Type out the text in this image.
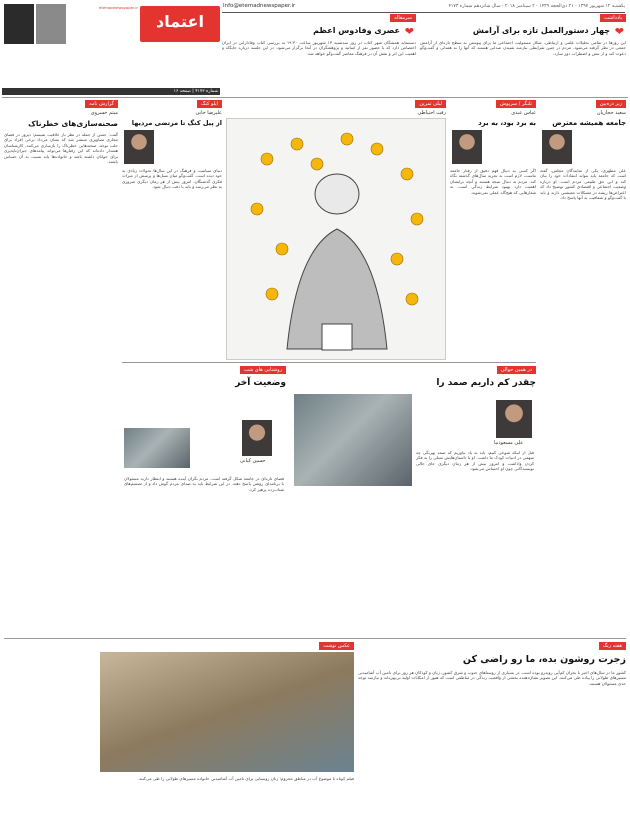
اعتماد
Info@etemadnewspaper.ir	یکشنبه ۱۲ شهریور ۱۳۹۷ - ۲۱ ذی‌الحجه ۱۴۳۹ - ۲ سپتامبر ۲۰۱۸ - سال شانزدهم شماره ۴۱۷۳

etemadnewspaper.ir

شماره ۴۱۷۳ | صفحه ۱۶
یادداشت
❤
چهار دستورالعمل تازه برای آرامش
این روزها در تمامی تحلیلات علمی و ارتباطی، شکل مسئولیت اجتماعی ما برای پیوستن به سطح تازه‌ای از آرامش جمعی در نظر گرفته می‌شود. مردم در چنین شرایطی نیازمند شنیدن صدایی هستند که آنها را به همدلی و گفت‌وگو دعوت کند و از تنش و اضطراب دور سازد.
سرمقاله
❤
عصری وفادوس اعظم
دستنمایه همشگان شهر کتاب در روز سه‌شنبه ۱۳ شهریور ساعت ۱۹:۳۰ به بررسی کتاب وفادارانی در ایران اختصاص دارد که با حضور نفر از اساتید و پژوهشگران در آنجا برگزار می‌شود. در این جلسه درباره جایگاه و اهمیت این اثر و نقش آن در فرهنگ معاصر گفت‌وگو خواهد شد.
زیر ذره‌بین
سعید حجاریان
جامعه همیشه معترض
علی مطهری، یکی از نمایندگان مجلس، گفته است که جامعه باید بتواند انتقادات خود را بیان کند و این حق طبیعی مردم است. او درباره وضعیت اجتماعی و اقتصادی کشور توضیح داد که اعتراض‌ها ریشه در مشکلات معیشتی دارند و باید با گفت‌وگو و شفافیت به آنها پاسخ داد.
تلنگر / سرپوش
عباس عبدی
به برد بود، به برد
اگر کسی به دنبال فهم دقیق از رفتار جامعه ماست، لازم است به تجربه سال‌های گذشته نگاه کند. مردم به دنبال نتیجه هستند و آنچه برایشان اهمیت دارد بهبود شرایط زندگی است، نه شعارهایی که هیچ‌گاه عملی نمی‌شوند.
لیلی ثمرین
رفت احتیاطی
ایلو کنگ
علیرضا خانی
از پیل کنگ تا مرتضی مردیها
دنیای سیاست و فرهنگ در این سال‌ها تحولات زیادی به خود دیده است. گفت‌وگو میان نسل‌ها و پرسش از میراث فکری گذشتگان، امروز بیش از هر زمان دیگری ضروری به نظر می‌رسد و باید با دقت دنبال شود.
گزارش نامه
میثم خسروی
صحنه‌سازی‌های خطرناک
گفت: حسن از جمله در نظر باز خلاقیت شیسم؛ دیروز در فضای مجازی تصاویری منتشر شد که نشان می‌داد برخی افراد برای جلب توجه، صحنه‌هایی خطرناک را بازسازی می‌کنند. کارشناسان هشدار داده‌اند که این رفتارها می‌تواند پیامدهای جبران‌ناپذیری برای جوانان داشته باشد و خانواده‌ها باید نسبت به آن حساس باشند.
در همین حوالی
چقدر کم داریم صمد را
علی مسعودنیا
قبل از اینکه شوخی کنیم، باید به یاد بیاوریم که صمد بهرنگی چه سهمی در ادبیات کودک ما داشت. او با داستان‌هایش نسلی را به فکر کردن واداشت و امروز بیش از هر زمان دیگری جای خالی نویسندگانی چون او احساس می‌شود.
روشنایی های شب
وضعیت آخر
حسین کیانی
فضای تازه‌ای در جامعه شکل گرفته است. مردم نگران آینده هستند و انتظار دارند مسئولان با برنامه‌ای روشن پاسخ دهند. در این شرایط باید به صدای مردم گوش داد و از تصمیم‌های شتاب‌زده پرهیز کرد.
هفته رنگ
زجرت روشون بده، ما رو راضی کن
کشور ما در سال‌های اخیر با بحران کم‌آبی روبه‌رو بوده است. در بسیاری از روستاهای جنوب و شرق کشور، زنان و کودکان هر روز برای تامین آب آشامیدنی مسیرهای طولانی را پیاده طی می‌کنند. این تصویر نشان‌دهنده بخشی از واقعیت زندگی در مناطقی است که هنوز از امکانات اولیه بی‌بهره‌اند و نیازمند توجه جدی مسئولان هستند.
عکس نوشت
فیلم کوتاه با موضوع آب در مناطق محروم؛ زنان روستایی برای تامین آب آشامیدنی خانواده مسیرهای طولانی را طی می‌کنند.
